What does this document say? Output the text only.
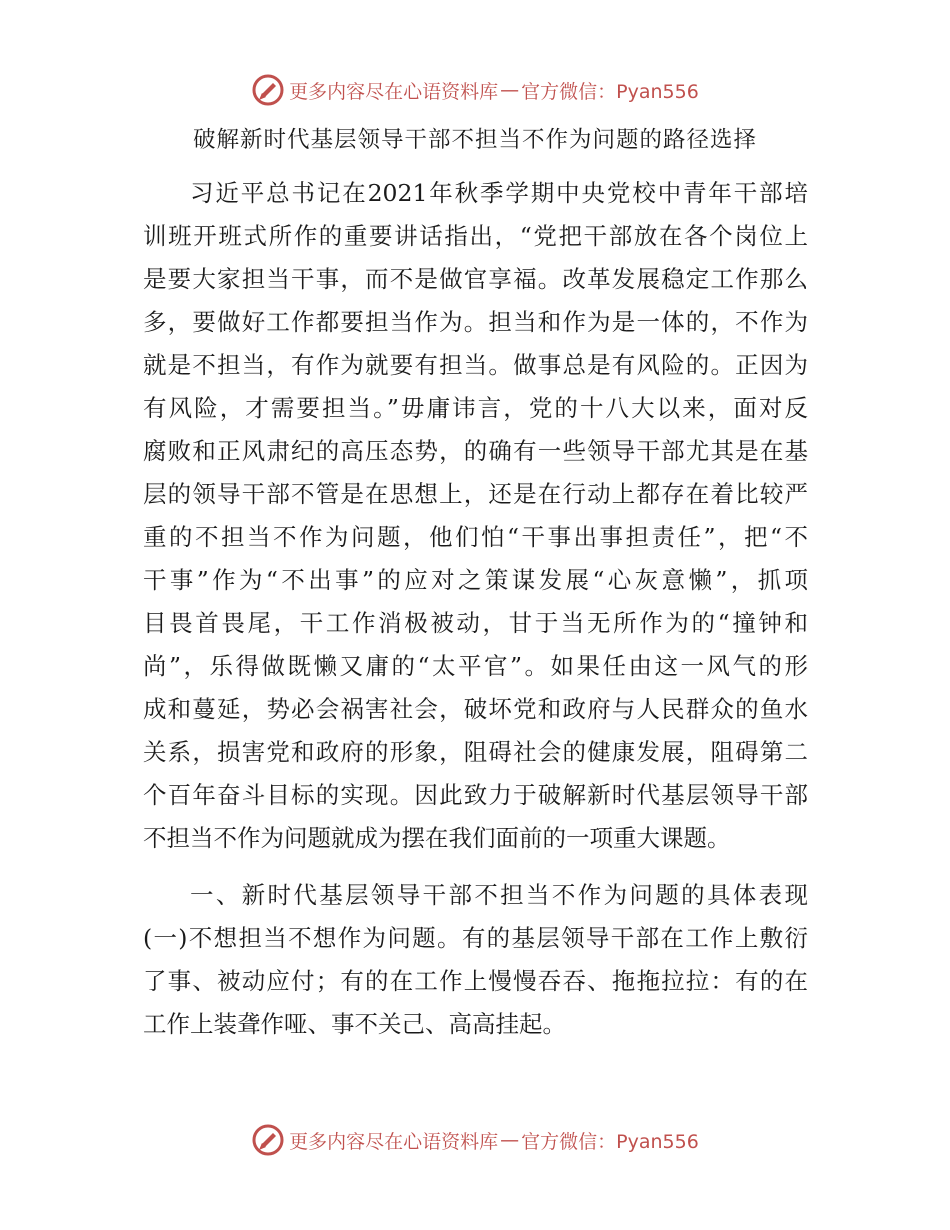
更多内容尽在心语资料库 — 官方微信：Pyan556
破解新时代基层领导干部不担当不作为问题的路径选择
习近平总书记在2021年秋季学期中央党校中青年干部培
训班开班式所作的重要讲话指出，“党把干部放在各个岗位上
是要大家担当干事，而不是做官享福。改革发展稳定工作那么
多，要做好工作都要担当作为。担当和作为是一体的，不作为
就是不担当，有作为就要有担当。做事总是有风险的。正因为
有风险，才需要担当。”毋庸讳言，党的十八大以来，面对反
腐败和正风肃纪的高压态势，的确有一些领导干部尤其是在基
层的领导干部不管是在思想上，还是在行动上都存在着比较严
重的不担当不作为问题，他们怕“干事出事担责任”，把“不
干事”作为“不出事”的应对之策谋发展“心灰意懒”，抓项
目畏首畏尾，干工作消极被动，甘于当无所作为的“撞钟和
尚”，乐得做既懒又庸的“太平官”。如果任由这一风气的形
成和蔓延，势必会祸害社会，破坏党和政府与人民群众的鱼水
关系，损害党和政府的形象，阻碍社会的健康发展，阻碍第二
个百年奋斗目标的实现。因此致力于破解新时代基层领导干部
不担当不作为问题就成为摆在我们面前的一项重大课题。
一、新时代基层领导干部不担当不作为问题的具体表现
(一)不想担当不想作为问题。有的基层领导干部在工作上敷衍
了事、被动应付；有的在工作上慢慢吞吞、拖拖拉拉：有的在
工作上装聋作哑、事不关己、高高挂起。
更多内容尽在心语资料库 — 官方微信：Pyan556
